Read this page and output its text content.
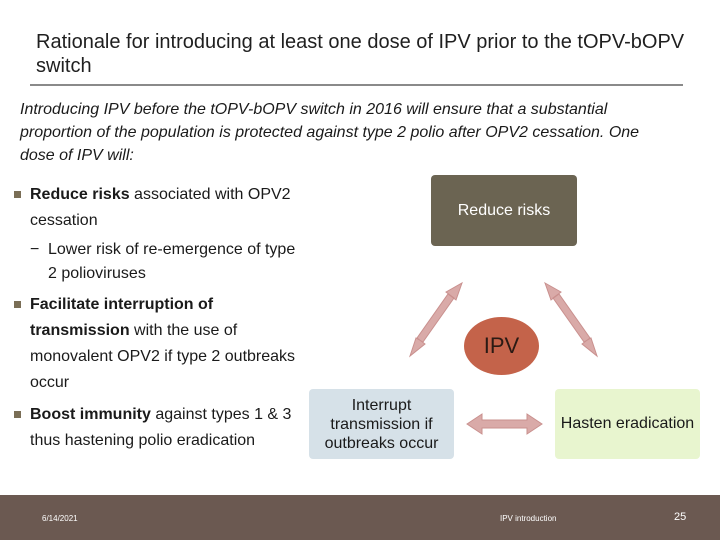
Rationale for introducing at least one dose of IPV prior to the tOPV-bOPV switch
Introducing IPV before the tOPV-bOPV switch in 2016 will ensure that a substantial proportion of the population is protected against type 2 polio after OPV2 cessation. One dose of IPV will:
Reduce risks associated with OPV2 cessation
− Lower risk of re-emergence of type 2 polioviruses
Facilitate interruption of transmission with the use of monovalent OPV2 if type 2 outbreaks occur
Boost immunity against types 1 & 3 thus hastening polio eradication
Reduce risks
IPV
Interrupt transmission if outbreaks occur
Hasten eradication
6/14/2021	IPV introduction	25
